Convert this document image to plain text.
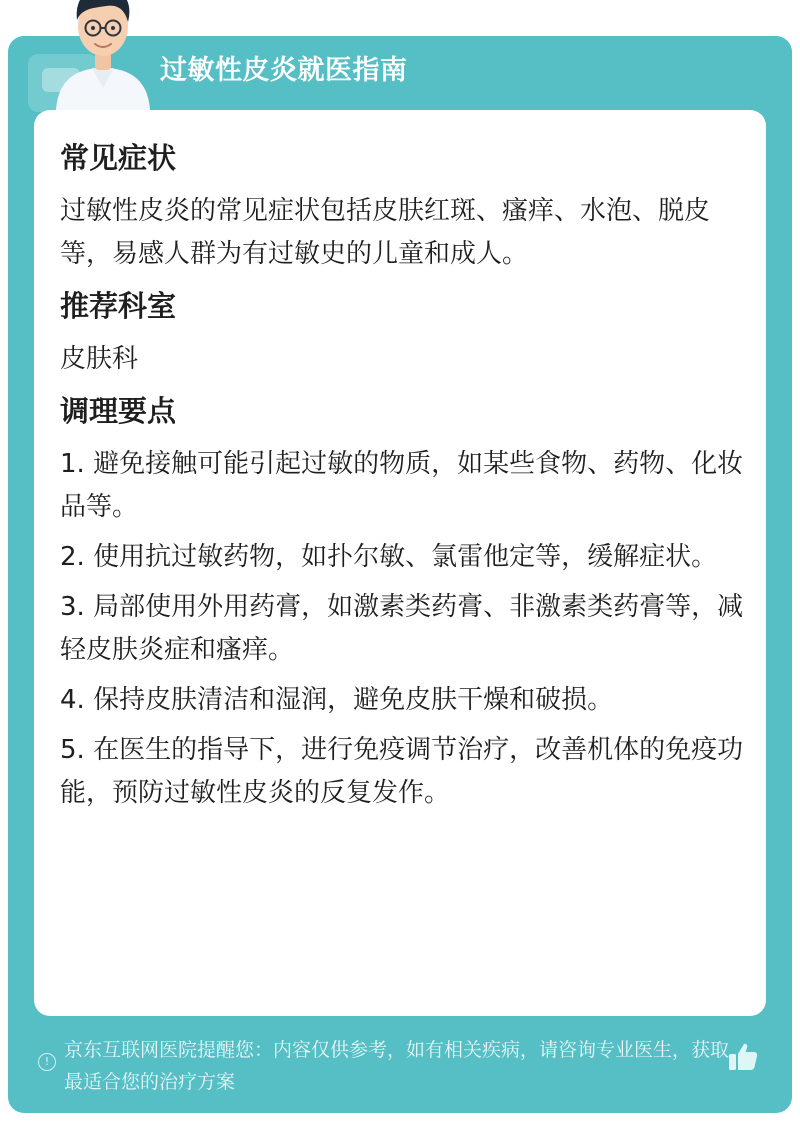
过敏性皮炎就医指南
常见症状

过敏性皮炎的常见症状包括皮肤红斑、瘙痒、水泡、脱皮等，易感人群为有过敏史的儿童和成人。

推荐科室

皮肤科

调理要点

1. 避免接触可能引起过敏的物质，如某些食物、药物、化妆品等。

2. 使用抗过敏药物，如扑尔敏、氯雷他定等，缓解症状。

3. 局部使用外用药膏，如激素类药膏、非激素类药膏等，减轻皮肤炎症和瘙痒。

4. 保持皮肤清洁和湿润，避免皮肤干燥和破损。

5. 在医生的指导下，进行免疫调节治疗，改善机体的免疫功能，预防过敏性皮炎的反复发作。

!
京东互联网医院提醒您：内容仅供参考，如有相关疾病，请咨询专业医生，获取最适合您的治疗方案
